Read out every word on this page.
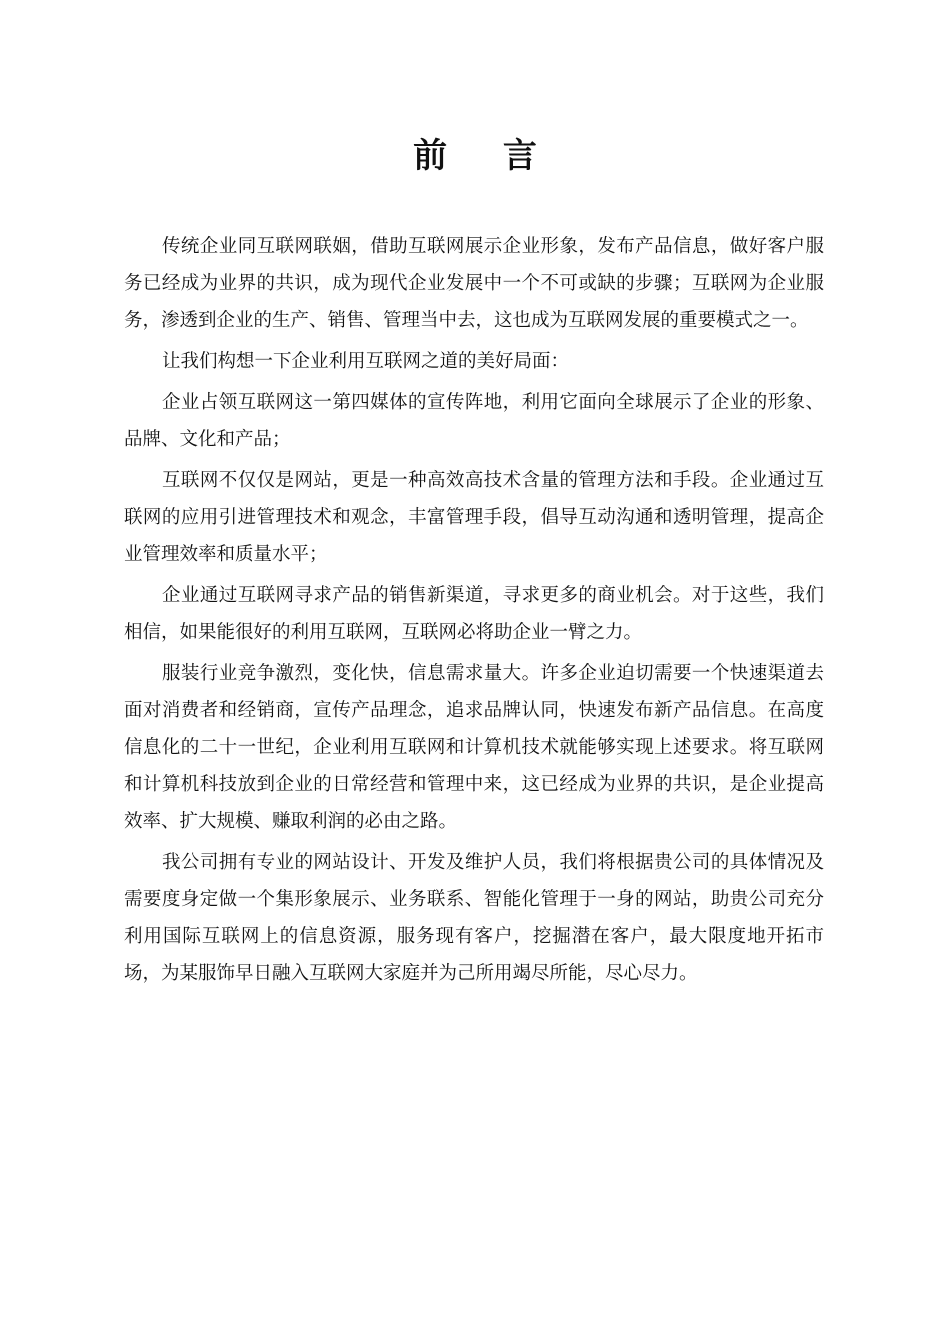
前 言

传统企业同互联网联姻，借助互联网展示企业形象，发布产品信息，做好客户服务已经成为业界的共识，成为现代企业发展中一个不可或缺的步骤；互联网为企业服务，渗透到企业的生产、销售、管理当中去，这也成为互联网发展的重要模式之一。

让我们构想一下企业利用互联网之道的美好局面：

企业占领互联网这一第四媒体的宣传阵地，利用它面向全球展示了企业的形象、品牌、文化和产品；

互联网不仅仅是网站，更是一种高效高技术含量的管理方法和手段。企业通过互联网的应用引进管理技术和观念，丰富管理手段，倡导互动沟通和透明管理，提高企业管理效率和质量水平；

企业通过互联网寻求产品的销售新渠道，寻求更多的商业机会。对于这些，我们相信，如果能很好的利用互联网，互联网必将助企业一臂之力。

服装行业竞争激烈，变化快，信息需求量大。许多企业迫切需要一个快速渠道去面对消费者和经销商，宣传产品理念，追求品牌认同，快速发布新产品信息。在高度信息化的二十一世纪，企业利用互联网和计算机技术就能够实现上述要求。将互联网和计算机科技放到企业的日常经营和管理中来，这已经成为业界的共识，是企业提高效率、扩大规模、赚取利润的必由之路。

我公司拥有专业的网站设计、开发及维护人员，我们将根据贵公司的具体情况及需要度身定做一个集形象展示、业务联系、智能化管理于一身的网站，助贵公司充分利用国际互联网上的信息资源，服务现有客户，挖掘潜在客户，最大限度地开拓市场，为某服饰早日融入互联网大家庭并为己所用竭尽所能，尽心尽力。
